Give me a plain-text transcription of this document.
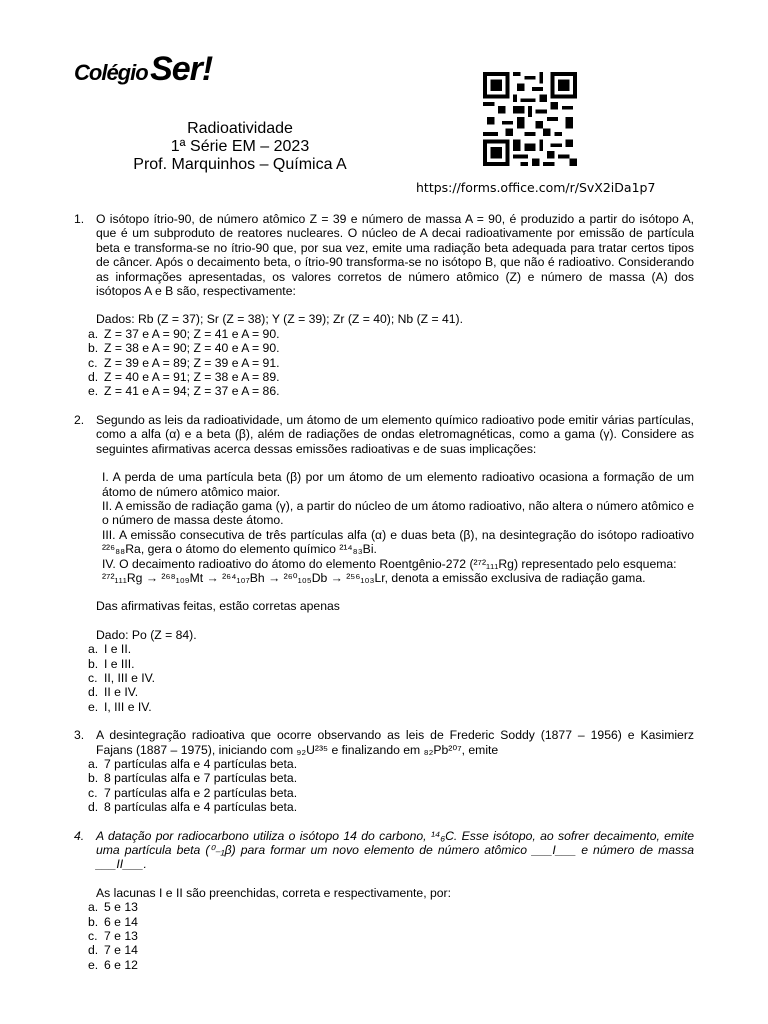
Colégio Ser!
Radioatividade
1ª Série EM – 2023
Prof. Marquinhos – Química A
https://forms.office.com/r/SvX2iDa1p7
1. O isótopo ítrio-90, de número atômico Z = 39 e número de massa A = 90, é produzido a partir do isótopo A, que é um subproduto de reatores nucleares. O núcleo de A decai radioativamente por emissão de partícula beta e transforma-se no ítrio-90 que, por sua vez, emite uma radiação beta adequada para tratar certos tipos de câncer. Após o decaimento beta, o ítrio-90 transforma-se no isótopo B, que não é radioativo. Considerando as informações apresentadas, os valores corretos de número atômico (Z) e número de massa (A) dos isótopos A e B são, respectivamente:

Dados: Rb (Z = 37); Sr (Z = 38); Y (Z = 39); Zr (Z = 40); Nb (Z = 41).

a. Z = 37 e A = 90; Z = 41 e A = 90.
b. Z = 38 e A = 90; Z = 40 e A = 90.
c. Z = 39 e A = 89; Z = 39 e A = 91.
d. Z = 40 e A = 91; Z = 38 e A = 89.
e. Z = 41 e A = 94; Z = 37 e A = 86.
2. Segundo as leis da radioatividade, um átomo de um elemento químico radioativo pode emitir várias partículas, como a alfa (α) e a beta (β), além de radiações de ondas eletromagnéticas, como a gama (γ). Considere as seguintes afirmativas acerca dessas emissões radioativas e de suas implicações:

I. A perda de uma partícula beta (β) por um átomo de um elemento radioativo ocasiona a formação de um átomo de número atômico maior.

II. A emissão de radiação gama (γ), a partir do núcleo de um átomo radioativo, não altera o número atômico e o número de massa deste átomo.

III. A emissão consecutiva de três partículas alfa (α) e duas beta (β), na desintegração do isótopo radioativo ²²⁶₈₈Ra, gera o átomo do elemento químico ²¹⁴₈₃Bi.

IV. O decaimento radioativo do átomo do elemento Roentgênio-272 (²⁷²₁₁₁Rg) representado pelo esquema:

²⁷²₁₁₁Rg → ²⁶⁸₁₀₉Mt → ²⁶⁴₁₀₇Bh → ²⁶⁰₁₀₅Db → ²⁵⁶₁₀₃Lr, denota a emissão exclusiva de radiação gama.

Das afirmativas feitas, estão corretas apenas

Dado: Po (Z = 84).

a. I e II.
b. I e III.
c. II, III e IV.
d. II e IV.
e. I, III e IV.
3. A desintegração radioativa que ocorre observando as leis de Frederic Soddy (1877 – 1956) e Kasimierz Fajans (1887 – 1975), iniciando com ₉₂U²³⁵ e finalizando em ₈₂Pb²⁰⁷, emite

a. 7 partículas alfa e 4 partículas beta.
b. 8 partículas alfa e 7 partículas beta.
c. 7 partículas alfa e 2 partículas beta.
d. 8 partículas alfa e 4 partículas beta.
4. A datação por radiocarbono utiliza o isótopo 14 do carbono, ¹⁴₆C. Esse isótopo, ao sofrer decaimento, emite uma partícula beta (⁰₋₁β) para formar um novo elemento de número atômico ___I___ e número de massa ___II___.

As lacunas I e II são preenchidas, correta e respectivamente, por:

a. 5 e 13
b. 6 e 14
c. 7 e 13
d. 7 e 14
e. 6 e 12
